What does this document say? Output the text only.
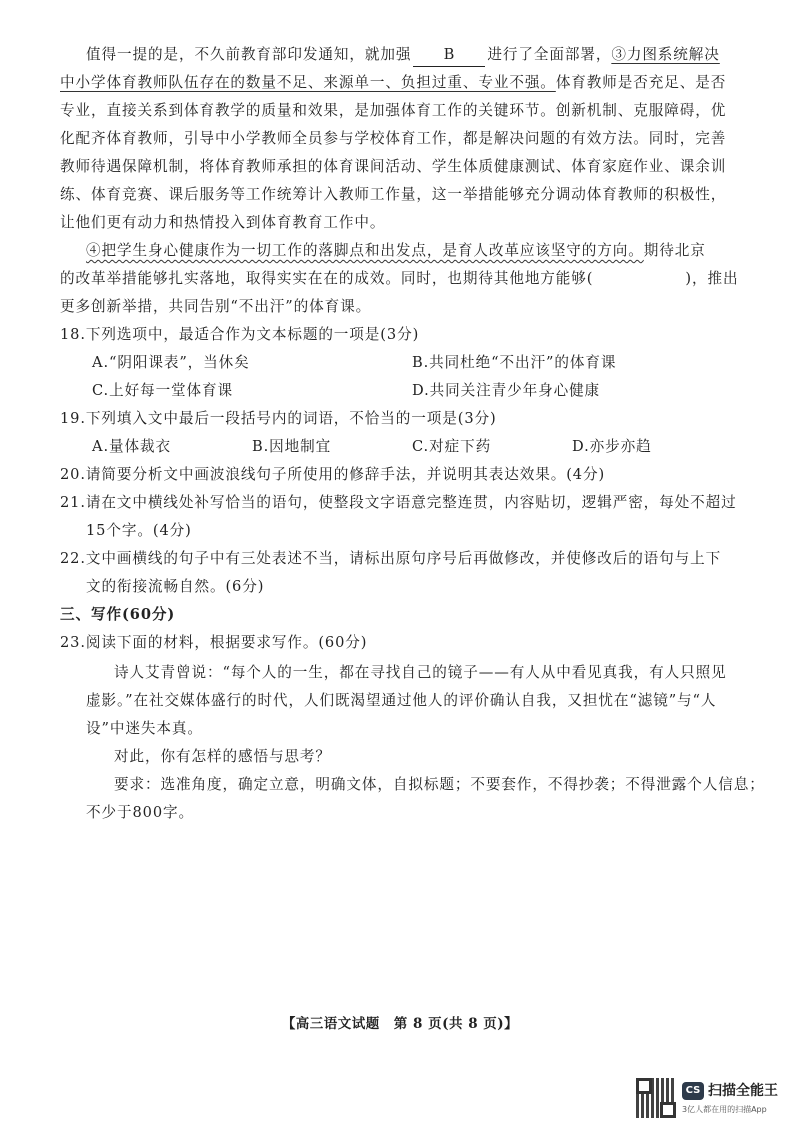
值得一提的是，不久前教育部印发通知，就加强 B 进行了全面部署，③力图系统解决
中小学体育教师队伍存在的数量不足、来源单一、负担过重、专业不强。体育教师是否充足、是否
专业，直接关系到体育教学的质量和效果，是加强体育工作的关键环节。创新机制、克服障碍，优
化配齐体育教师，引导中小学教师全员参与学校体育工作，都是解决问题的有效方法。同时，完善
教师待遇保障机制，将体育教师承担的体育课间活动、学生体质健康测试、体育家庭作业、课余训
练、体育竞赛、课后服务等工作统筹计入教师工作量，这一举措能够充分调动体育教师的积极性，
让他们更有动力和热情投入到体育教育工作中。
④把学生身心健康作为一切工作的落脚点和出发点，是育人改革应该坚守的方向。期待北京
的改革举措能够扎实落地，取得实实在在的成效。同时，也期待其他地方能够(	)，推出
更多创新举措，共同告别“不出汗”的体育课。
18.下列选项中，最适合作为文本标题的一项是(3分)
A.“阴阳课表”，当休矣	B.共同杜绝“不出汗”的体育课
C.上好每一堂体育课	D.共同关注青少年身心健康
19.下列填入文中最后一段括号内的词语，不恰当的一项是(3分)
A.量体裁衣	B.因地制宜	C.对症下药	D.亦步亦趋
20.请简要分析文中画波浪线句子所使用的修辞手法，并说明其表达效果。(4分)
21.请在文中横线处补写恰当的语句，使整段文字语意完整连贯，内容贴切，逻辑严密，每处不超过
15个字。(4分)
22.文中画横线的句子中有三处表述不当，请标出原句序号后再做修改，并使修改后的语句与上下
文的衔接流畅自然。(6分)
三、写作(60分)
23.阅读下面的材料，根据要求写作。(60分)
诗人艾青曾说：“每个人的一生，都在寻找自己的镜子——有人从中看见真我，有人只照见
虚影。”在社交媒体盛行的时代，人们既渴望通过他人的评价确认自我，又担忧在“滤镜”与“人
设”中迷失本真。
对此，你有怎样的感悟与思考？
要求：选准角度，确定立意，明确文体，自拟标题；不要套作，不得抄袭；不得泄露个人信息；
不少于800字。
【高三语文试题　第 8 页(共 8 页)】
CS 扫描全能王
3亿人都在用的扫描App
